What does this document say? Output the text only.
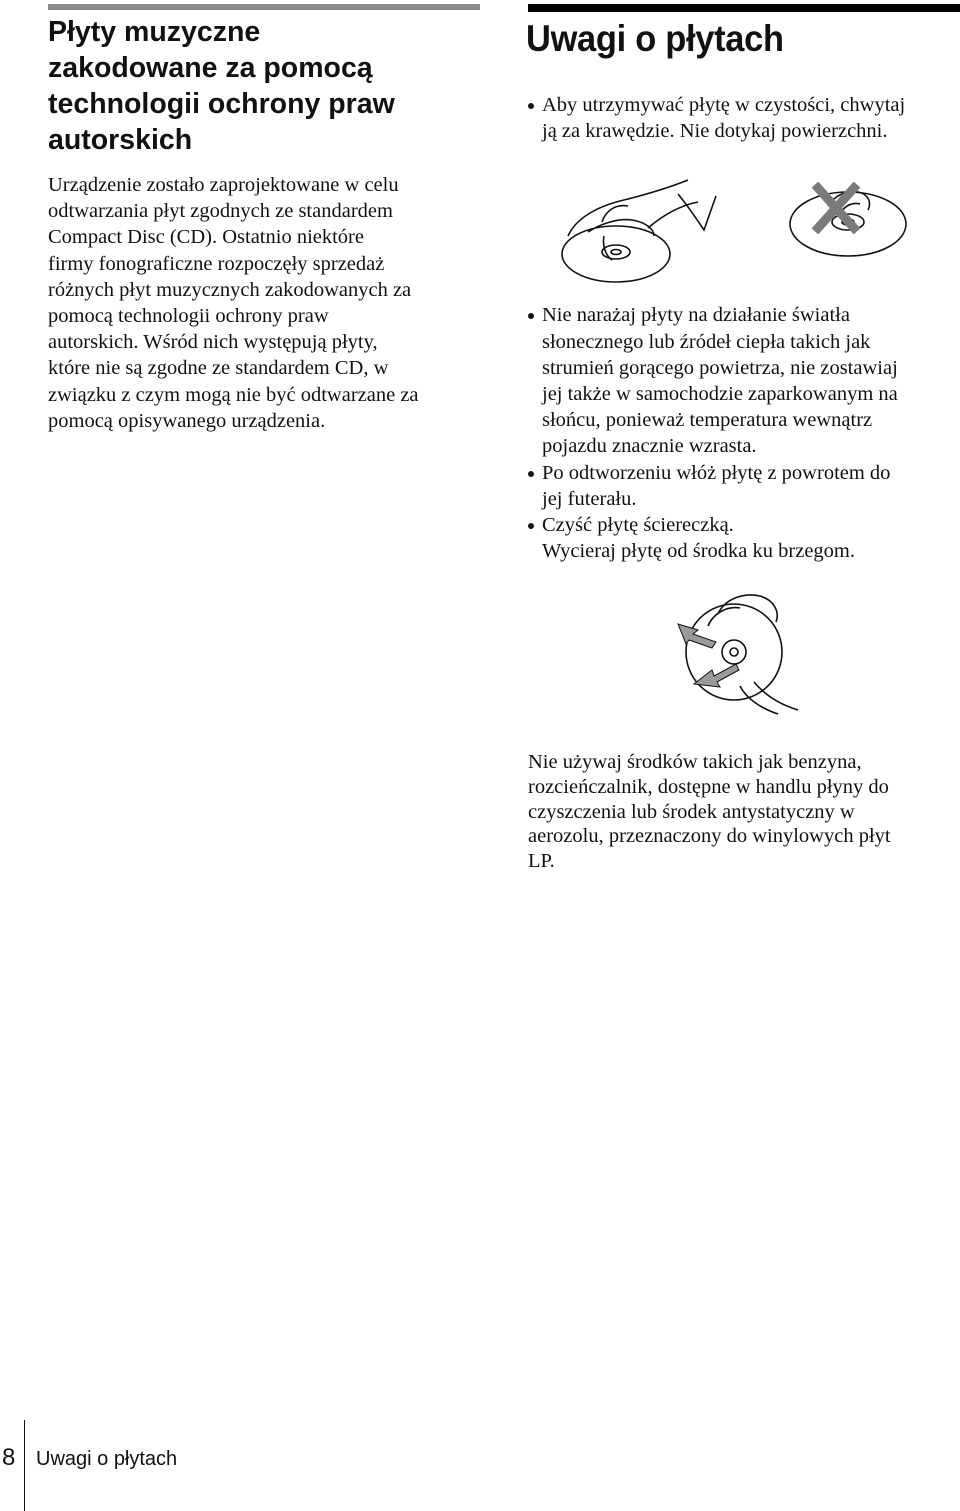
Płyty muzyczne
zakodowane za pomocą
technologii ochrony praw
autorskich

Urządzenie zostało zaprojektowane w celu
odtwarzania płyt zgodnych ze standardem
Compact Disc (CD). Ostatnio niektóre
firmy fonograficzne rozpoczęły sprzedaż
różnych płyt muzycznych zakodowanych za
pomocą technologii ochrony praw
autorskich. Wśród nich występują płyty,
które nie są zgodne ze standardem CD, w
związku z czym mogą nie być odtwarzane za
pomocą opisywanego urządzenia.

Uwagi o płytach
Aby utrzymywać płytę w czystości, chwytaj
ją za krawędzie. Nie dotykaj powierzchni.
Nie narażaj płyty na działanie światła
słonecznego lub źródeł ciepła takich jak
strumień gorącego powietrza, nie zostawiaj
jej także w samochodzie zaparkowanym na
słońcu, ponieważ temperatura wewnątrz
pojazdu znacznie wzrasta.
Po odtworzeniu włóż płytę z powrotem do
jej futerału.
Czyść płytę ściereczką.
Wycieraj płytę od środka ku brzegom.

Nie używaj środków takich jak benzyna,
rozcieńczalnik, dostępne w handlu płyny do
czyszczenia lub środek antystatyczny w
aerozolu, przeznaczony do winylowych płyt
LP.

8 Uwagi o płytach
